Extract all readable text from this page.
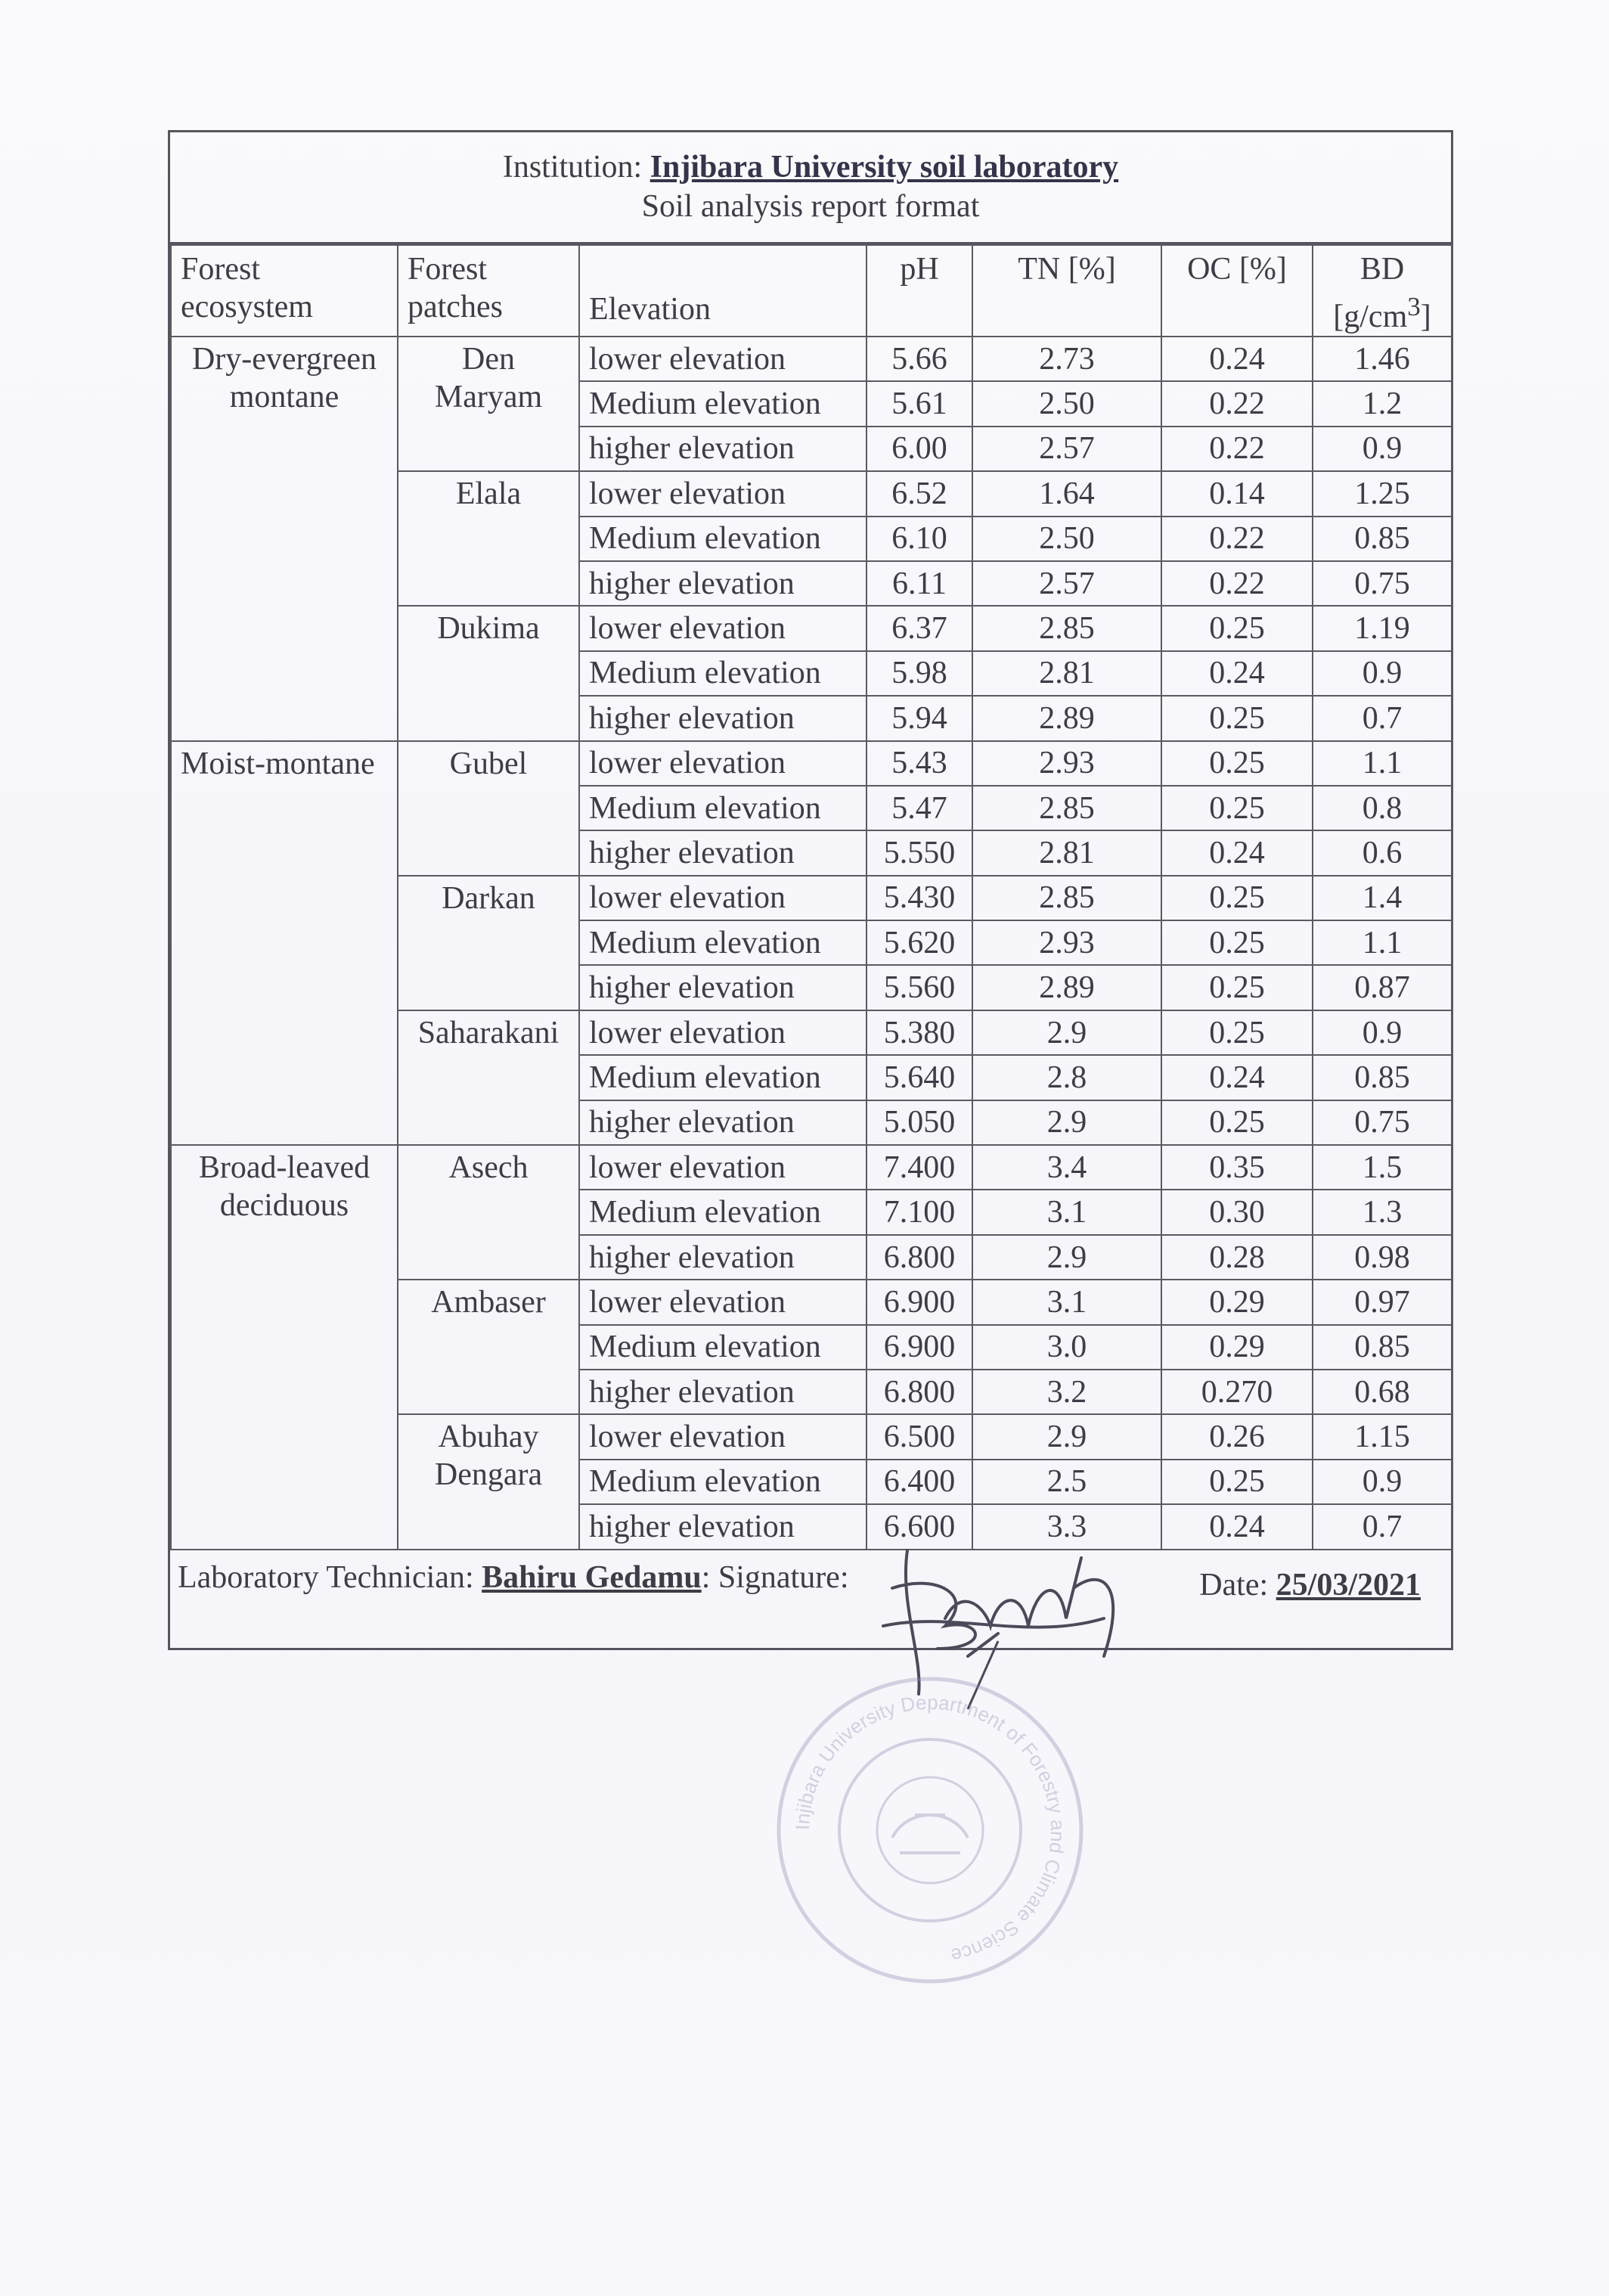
Institution: Injibara University soil laboratory
Soil analysis report format
Forest ecosystem	Forest patches	Elevation	pH	TN [%]	OC [%]	BD $[g/cm^3]$
Dry-evergreen montane	Den Maryam	lower elevation	5.66	2.73	0.24	1.46
		Medium elevation	5.61	2.50	0.22	1.2
		higher elevation	6.00	2.57	0.22	0.9
	Elala	lower elevation	6.52	1.64	0.14	1.25
		Medium elevation	6.10	2.50	0.22	0.85
		higher elevation	6.11	2.57	0.22	0.75
	Dukima	lower elevation	6.37	2.85	0.25	1.19
		Medium elevation	5.98	2.81	0.24	0.9
		higher elevation	5.94	2.89	0.25	0.7
Moist-montane	Gubel	lower elevation	5.43	2.93	0.25	1.1
		Medium elevation	5.47	2.85	0.25	0.8
		higher elevation	5.550	2.81	0.24	0.6
	Darkan	lower elevation	5.430	2.85	0.25	1.4
		Medium elevation	5.620	2.93	0.25	1.1
		higher elevation	5.560	2.89	0.25	0.87
	Saharakani	lower elevation	5.380	2.9	0.25	0.9
		Medium elevation	5.640	2.8	0.24	0.85
		higher elevation	5.050	2.9	0.25	0.75
Broad-leaved deciduous	Asech	lower elevation	7.400	3.4	0.35	1.5
		Medium elevation	7.100	3.1	0.30	1.3
		higher elevation	6.800	2.9	0.28	0.98
	Ambaser	lower elevation	6.900	3.1	0.29	0.97
		Medium elevation	6.900	3.0	0.29	0.85
		higher elevation	6.800	3.2	0.270	0.68
	Abuhay Dengara	lower elevation	6.500	2.9	0.26	1.15
		Medium elevation	6.400	2.5	0.25	0.9
		higher elevation	6.600	3.3	0.24	0.7
Laboratory Technician: Bahiru Gedamu: Signature:	Date: 25/03/2021
Injibara University Department of Forestry and Climate Science
